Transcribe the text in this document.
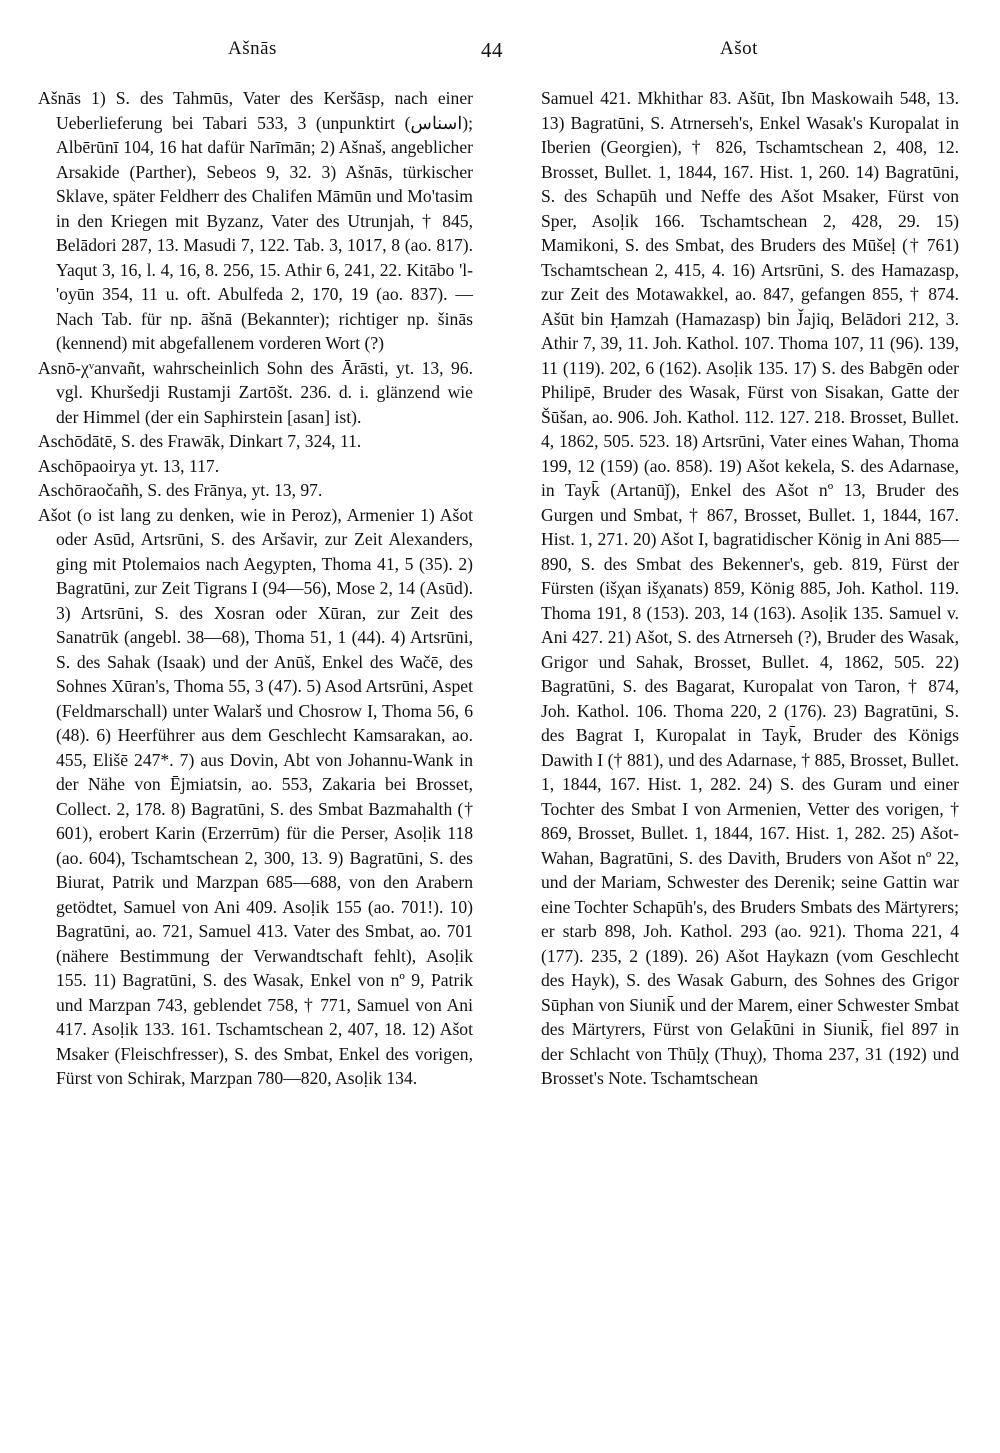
Ašnās	44	Ašot

Ašnās 1) S. des Tahmūs, Vater des Keršāsp, nach einer Ueberlieferung bei Tabari 533, 3 (unpunktirt (اسناس); Albērūnī 104, 16 hat dafür Narīmān; 2) Ašnaš, angeblicher Arsakide (Parther), Sebeos 9, 32. 3) Ašnās, türkischer Sklave, später Feldherr des Chalifen Māmūn und Mo'tasim in den Kriegen mit Byzanz, Vater des Utrunjah, † 845, Belādori 287, 13. Masudi 7, 122. Tab. 3, 1017, 8 (ao. 817). Yaqut 3, 16, l. 4, 16, 8. 256, 15. Athir 6, 241, 22. Kitābo 'l-'oyūn 354, 11 u. oft. Abulfeda 2, 170, 19 (ao. 837). — Nach Tab. für np. āšnā (Bekannter); richtiger np. šinās (kennend) mit abgefallenem vorderen Wort (?)

Asnō-χᵛanvañt, wahrscheinlich Sohn des Ārāsti, yt. 13, 96. vgl. Khuršedji Rustamji Zartōšt. 236. d. i. glänzend wie der Himmel (der ein Saphirstein [asan] ist).

Aschōdātē, S. des Frawāk, Dinkart 7, 324, 11.

Aschōpaoirya yt. 13, 117.

Aschōraočañh, S. des Frānya, yt. 13, 97.

Ašot (o ist lang zu denken, wie in Peroz), Armenier 1) Ašot oder Asūd, Artsrūni, S. des Aršavir, zur Zeit Alexanders, ging mit Ptolemaios nach Aegypten, Thoma 41, 5 (35). 2) Bagratūni, zur Zeit Tigrans I (94—56), Mose 2, 14 (Asūd). 3) Artsrūni, S. des Xosran oder Xūran, zur Zeit des Sanatrūk (angebl. 38—68), Thoma 51, 1 (44). 4) Artsrūni, S. des Sahak (Isaak) und der Anūš, Enkel des Wačē, des Sohnes Xūran's, Thoma 55, 3 (47). 5) Asod Artsrūni, Aspet (Feldmarschall) unter Walarš und Chosrow I, Thoma 56, 6 (48). 6) Heerführer aus dem Geschlecht Kamsarakan, ao. 455, Elišē 247*. 7) aus Dovin, Abt von Johannu-Wank in der Nähe von Ējmiatsin, ao. 553, Zakaria bei Brosset, Collect. 2, 178. 8) Bagratūni, S. des Smbat Bazmahalth († 601), erobert Karin (Erzerrūm) für die Perser, Asoḷik 118 (ao. 604), Tschamtschean 2, 300, 13. 9) Bagratūni, S. des Biurat, Patrik und Marzpan 685—688, von den Arabern getödtet, Samuel von Ani 409. Asoḷik 155 (ao. 701!). 10) Bagratūni, ao. 721, Samuel 413. Vater des Smbat, ao. 701 (nähere Bestimmung der Verwandtschaft fehlt), Asoḷik 155. 11) Bagratūni, S. des Wasak, Enkel von nº 9, Patrik und Marzpan 743, geblendet 758, † 771, Samuel von Ani 417. Asoḷik 133. 161. Tschamtschean 2, 407, 18. 12) Ašot Msaker (Fleischfresser), S. des Smbat, Enkel des vorigen, Fürst von Schirak, Marzpan 780—820, Asoḷik 134.

Samuel 421. Mkhithar 83. Ašūt, Ibn Maskowaih 548, 13. 13) Bagratūni, S. Atrnerseh's, Enkel Wasak's Kuropalat in Iberien (Georgien), † 826, Tschamtschean 2, 408, 12. Brosset, Bullet. 1, 1844, 167. Hist. 1, 260. 14) Bagratūni, S. des Schapūh und Neffe des Ašot Msaker, Fürst von Sper, Asoḷik 166. Tschamtschean 2, 428, 29. 15) Mamikoni, S. des Smbat, des Bruders des Mūšeḷ († 761) Tschamtschean 2, 415, 4. 16) Artsrūni, S. des Hamazasp, zur Zeit des Motawakkel, ao. 847, gefangen 855, † 874. Ašūt bin Ḥamzah (Hamazasp) bin J̌ajiq, Belādori 212, 3. Athir 7, 39, 11. Joh. Kathol. 107. Thoma 107, 11 (96). 139, 11 (119). 202, 6 (162). Asoḷik 135. 17) S. des Babgēn oder Philipē, Bruder des Wasak, Fürst von Sisakan, Gatte der Šūšan, ao. 906. Joh. Kathol. 112. 127. 218. Brosset, Bullet. 4, 1862, 505. 523. 18) Artsrūni, Vater eines Wahan, Thoma 199, 12 (159) (ao. 858). 19) Ašot kekela, S. des Adarnase, in Tayk̄ (Artanūǰ), Enkel des Ašot nº 13, Bruder des Gurgen und Smbat, † 867, Brosset, Bullet. 1, 1844, 167. Hist. 1, 271. 20) Ašot I, bagratidischer König in Ani 885—890, S. des Smbat des Bekenner's, geb. 819, Fürst der Fürsten (išχan išχanats) 859, König 885, Joh. Kathol. 119. Thoma 191, 8 (153). 203, 14 (163). Asoḷik 135. Samuel v. Ani 427. 21) Ašot, S. des Atrnerseh (?), Bruder des Wasak, Grigor und Sahak, Brosset, Bullet. 4, 1862, 505. 22) Bagratūni, S. des Bagarat, Kuropalat von Taron, † 874, Joh. Kathol. 106. Thoma 220, 2 (176). 23) Bagratūni, S. des Bagrat I, Kuropalat in Tayk̄, Bruder des Königs Dawith I († 881), und des Adarnase, † 885, Brosset, Bullet. 1, 1844, 167. Hist. 1, 282. 24) S. des Guram und einer Tochter des Smbat I von Armenien, Vetter des vorigen, † 869, Brosset, Bullet. 1, 1844, 167. Hist. 1, 282. 25) Ašot-Wahan, Bagratūni, S. des Davith, Bruders von Ašot nº 22, und der Mariam, Schwester des Derenik; seine Gattin war eine Tochter Schapūh's, des Bruders Smbats des Märtyrers; er starb 898, Joh. Kathol. 293 (ao. 921). Thoma 221, 4 (177). 235, 2 (189). 26) Ašot Haykazn (vom Geschlecht des Hayk), S. des Wasak Gaburn, des Sohnes des Grigor Sūphan von Siunik̄ und der Marem, einer Schwester Smbat des Märtyrers, Fürst von Gelak̄ūni in Siunik̄, fiel 897 in der Schlacht von Thūḷχ (Thuχ), Thoma 237, 31 (192) und Brosset's Note. Tschamtschean
